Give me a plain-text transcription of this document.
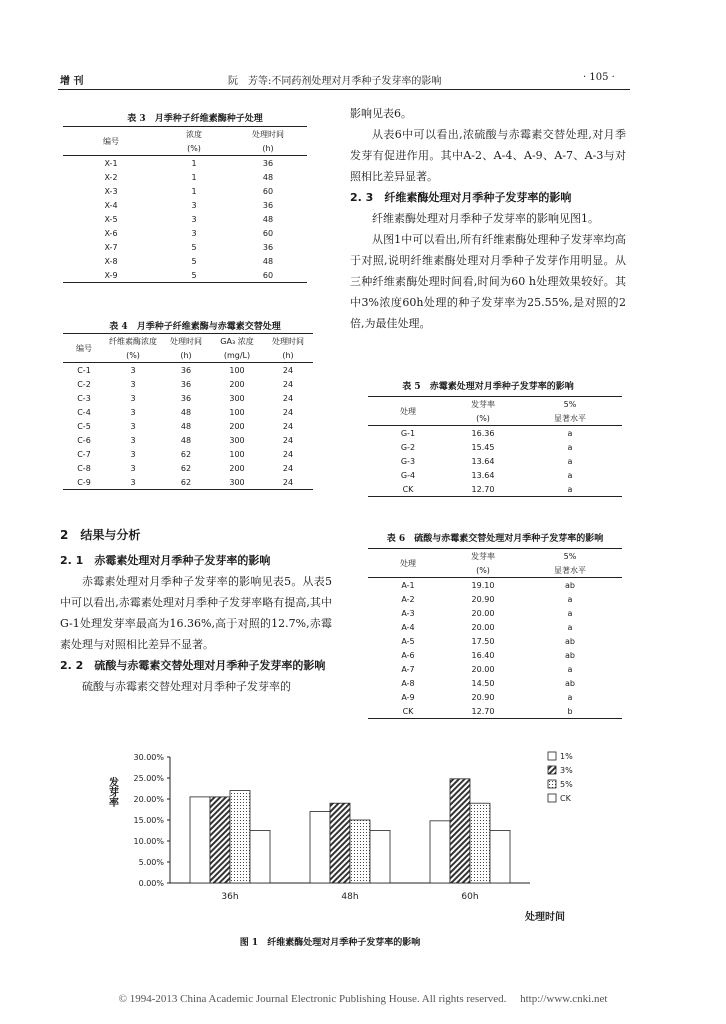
增 刊	阮　芳等:不同药剂处理对月季种子发芽率的影响	· 105 ·
表 3　月季种子纤维素酶种子处理
编号	浓度	处理时间
	(%)	(h)
X-1	1	36
X-2	1	48
X-3	1	60
X-4	3	36
X-5	3	48
X-6	3	60
X-7	5	36
X-8	5	48
X-9	5	60
表 4　月季种子纤维素酶与赤霉素交替处理
编号	纤维素酶浓度	处理时间	GA₃ 浓度	处理时间
	(%)	(h)	(mg/L)	(h)
C-1	3	36	100	24
C-2	3	36	200	24
C-3	3	36	300	24
C-4	3	48	100	24
C-5	3	48	200	24
C-6	3	48	300	24
C-7	3	62	100	24
C-8	3	62	200	24
C-9	3	62	300	24
2　结果与分析
2. 1　赤霉素处理对月季种子发芽率的影响

赤霉素处理对月季种子发芽率的影响见表5。从表5中可以看出,赤霉素处理对月季种子发芽率略有提高,其中G-1处理发芽率最高为16.36%,高于对照的12.7%,赤霉素处理与对照相比差异不显著。

2. 2　硫酸与赤霉素交替处理对月季种子发芽率的影响

硫酸与赤霉素交替处理对月季种子发芽率的

影响见表6。

从表6中可以看出,浓硫酸与赤霉素交替处理,对月季发芽有促进作用。其中A-2、A-4、A-9、A-7、A-3与对照相比差异显著。

2. 3　纤维素酶处理对月季种子发芽率的影响

纤维素酶处理对月季种子发芽率的影响见图1。

从图1中可以看出,所有纤维素酶处理种子发芽率均高于对照,说明纤维素酶处理对月季种子发芽作用明显。从三种纤维素酶处理时间看,时间为60 h处理效果较好。其中3%浓度60h处理的种子发芽率为25.55%,是对照的2倍,为最佳处理。

表 5　赤霉素处理对月季种子发芽率的影响
处理	发芽率	5%
	(%)	显著水平
G-1	16.36	a
G-2	15.45	a
G-3	13.64	a
G-4	13.64	a
CK	12.70	a
表 6　硫酸与赤霉素交替处理对月季种子发芽率的影响
处理	发芽率	5%
	(%)	显著水平
A-1	19.10	ab
A-2	20.90	a
A-3	20.00	a
A-4	20.00	a
A-5	17.50	ab
A-6	16.40	ab
A-7	20.00	a
A-8	14.50	ab
A-9	20.90	a
CK	12.70	b
0.00%
5.00%
10.00%
15.00%
20.00%
25.00%
30.00%
发芽率
36h	48h	60h
处理时间
1%
3%
5%
CK
图 1　纤维素酶处理对月季种子发芽率的影响
© 1994-2013 China Academic Journal Electronic Publishing House. All rights reserved.　 http://www.cnki.net
